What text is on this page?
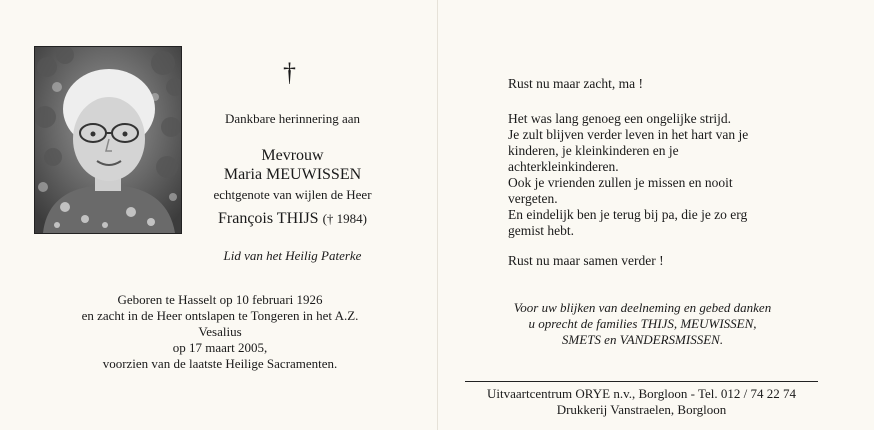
†
Dankbare herinnering aan
Mevrouw
Maria MEUWISSEN
echtgenote van wijlen de Heer
François THIJS († 1984)
Lid van het Heilig Paterke
Geboren te Hasselt op 10 februari 1926
en zacht in de Heer ontslapen te Tongeren in het A.Z.
Vesalius
op 17 maart 2005,
voorzien van de laatste Heilige Sacramenten.
Rust nu maar zacht, ma !
Het was lang genoeg een ongelijke strijd.
Je zult blijven verder leven in het hart van je
kinderen, je kleinkinderen en je
achterkleinkinderen.
Ook je vrienden zullen je missen en nooit
vergeten.
En eindelijk ben je terug bij pa, die je zo erg
gemist hebt.
Rust nu maar samen verder !
Voor uw blijken van deelneming en gebed danken
u oprecht de families THIJS, MEUWISSEN,
SMETS en VANDERSMISSEN.
Uitvaartcentrum ORYE n.v., Borgloon - Tel. 012 / 74 22 74
Drukkerij Vanstraelen, Borgloon
